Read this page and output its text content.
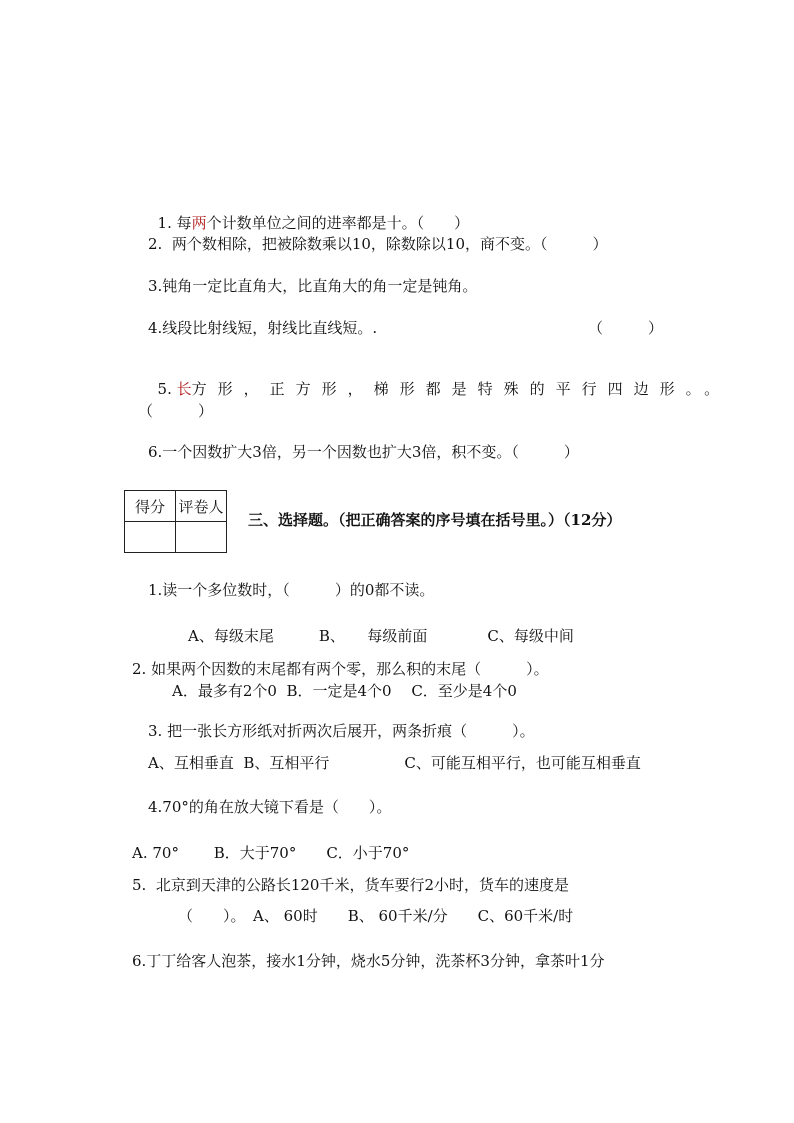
1. 每两个计数单位之间的进率都是十。（　　）

2.  两个数相除，把被除数乘以10，除数除以10，商不变。（　　　）
3.钝角一定比直角大，比直角大的角一定是钝角。
4.线段比射线短，射线比直线短。.	（　　　）

5. 长方形，正方形，梯形都是特殊的平行四边形。。

（　　　）
6.一个因数扩大3倍，另一个因数也扩大3倍，积不变。（　　　）
得分	评卷人

三、选择题。（把正确答案的序号填在括号里。）（12分）
1.读一个多位数时，（　　　）的0都不读。
A、每级末尾　　　B、　　每级前面　　　　C、每级中间
2. 如果两个因数的末尾都有两个零，那么积的末尾（　　　）。
A．最多有2个0  B．一定是4个0　 C．至少是4个0
3. 把一张长方形纸对折两次后展开，两条折痕（　　　）。
A、互相垂直  B、互相平行　　　　　C、可能互相平行，也可能互相垂直
4.70°的角在放大镜下看是（　　）。
A. 70°　　 B．大于70°　　C．小于70°
5.  北京到天津的公路长120千米，货车要行2小时，货车的速度是
（　　）。　A、 60时　　B、 60千米/分　　C、60千米/时
6.丁丁给客人泡茶，接水1分钟，烧水5分钟，洗茶杯3分钟，拿茶叶1分
